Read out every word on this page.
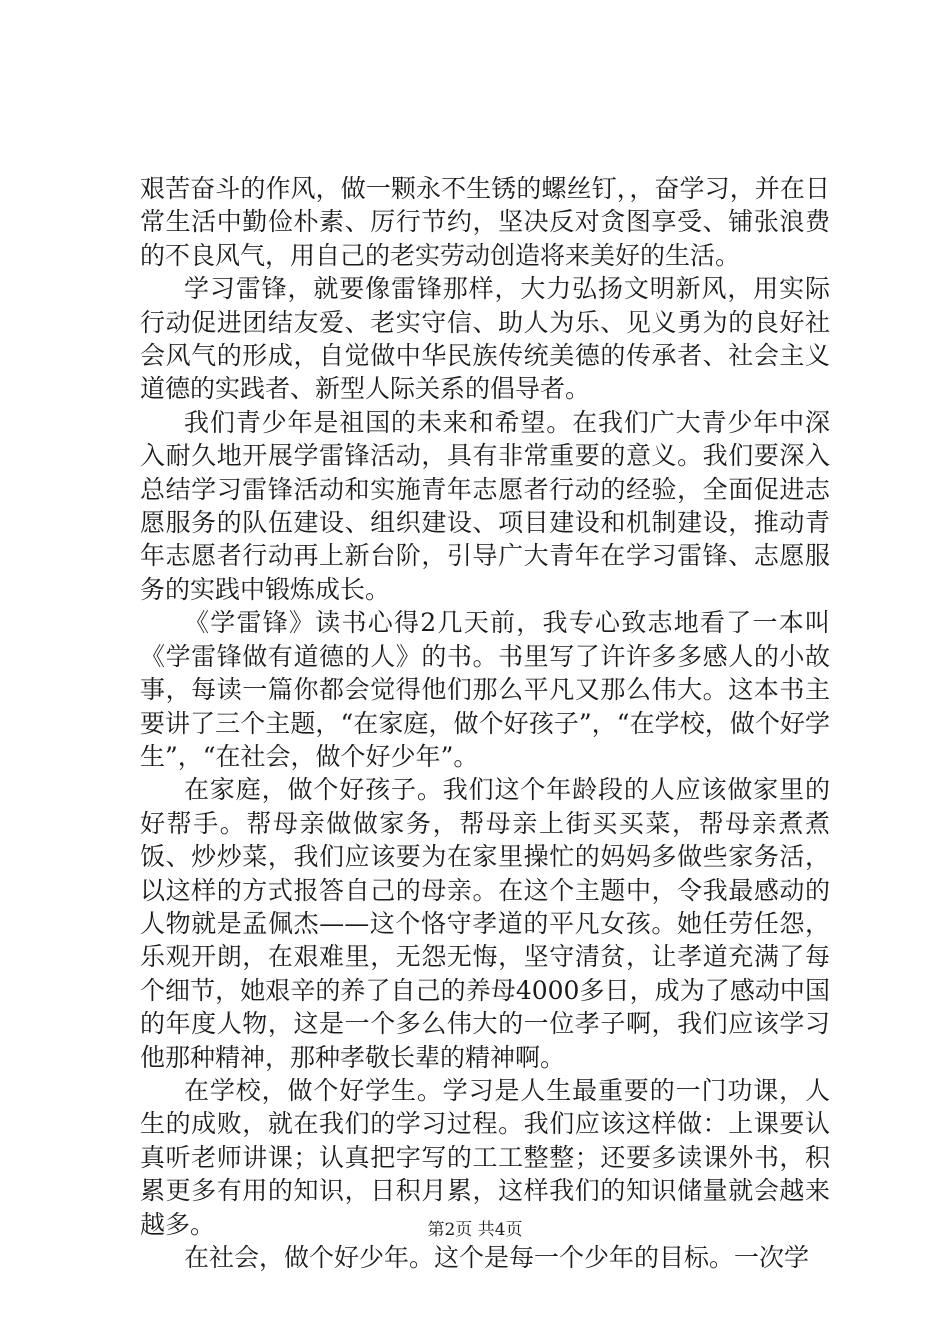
艰苦奋斗的作风，做一颗永不生锈的螺丝钉，，奋学习，并在日常生活中勤俭朴素、厉行节约，坚决反对贪图享受、铺张浪费的不良风气，用自己的老实劳动创造将来美好的生活。

学习雷锋，就要像雷锋那样，大力弘扬文明新风，用实际行动促进团结友爱、老实守信、助人为乐、见义勇为的良好社会风气的形成，自觉做中华民族传统美德的传承者、社会主义道德的实践者、新型人际关系的倡导者。

我们青少年是祖国的未来和希望。在我们广大青少年中深入耐久地开展学雷锋活动，具有非常重要的意义。我们要深入总结学习雷锋活动和实施青年志愿者行动的经验，全面促进志愿服务的队伍建设、组织建设、项目建设和机制建设，推动青年志愿者行动再上新台阶，引导广大青年在学习雷锋、志愿服务的实践中锻炼成长。

《学雷锋》读书心得2几天前，我专心致志地看了一本叫《学雷锋做有道德的人》的书。书里写了许许多多感人的小故事，每读一篇你都会觉得他们那么平凡又那么伟大。这本书主要讲了三个主题，“在家庭，做个好孩子”，“在学校，做个好学生”，“在社会，做个好少年”。

在家庭，做个好孩子。我们这个年龄段的人应该做家里的好帮手。帮母亲做做家务，帮母亲上街买买菜，帮母亲煮煮饭、炒炒菜，我们应该要为在家里操忙的妈妈多做些家务活，以这样的方式报答自己的母亲。在这个主题中，令我最感动的人物就是孟佩杰——这个恪守孝道的平凡女孩。她任劳任怨，乐观开朗，在艰难里，无怨无悔，坚守清贫，让孝道充满了每个细节，她艰辛的养了自己的养母4000多日，成为了感动中国的年度人物，这是一个多么伟大的一位孝子啊，我们应该学习他那种精神，那种孝敬长辈的精神啊。

在学校，做个好学生。学习是人生最重要的一门功课，人生的成败，就在我们的学习过程。我们应该这样做：上课要认真听老师讲课；认真把字写的工工整整；还要多读课外书，积累更多有用的知识，日积月累，这样我们的知识储量就会越来越多。

在社会，做个好少年。这个是每一个少年的目标。一次学

第2页 共4页
